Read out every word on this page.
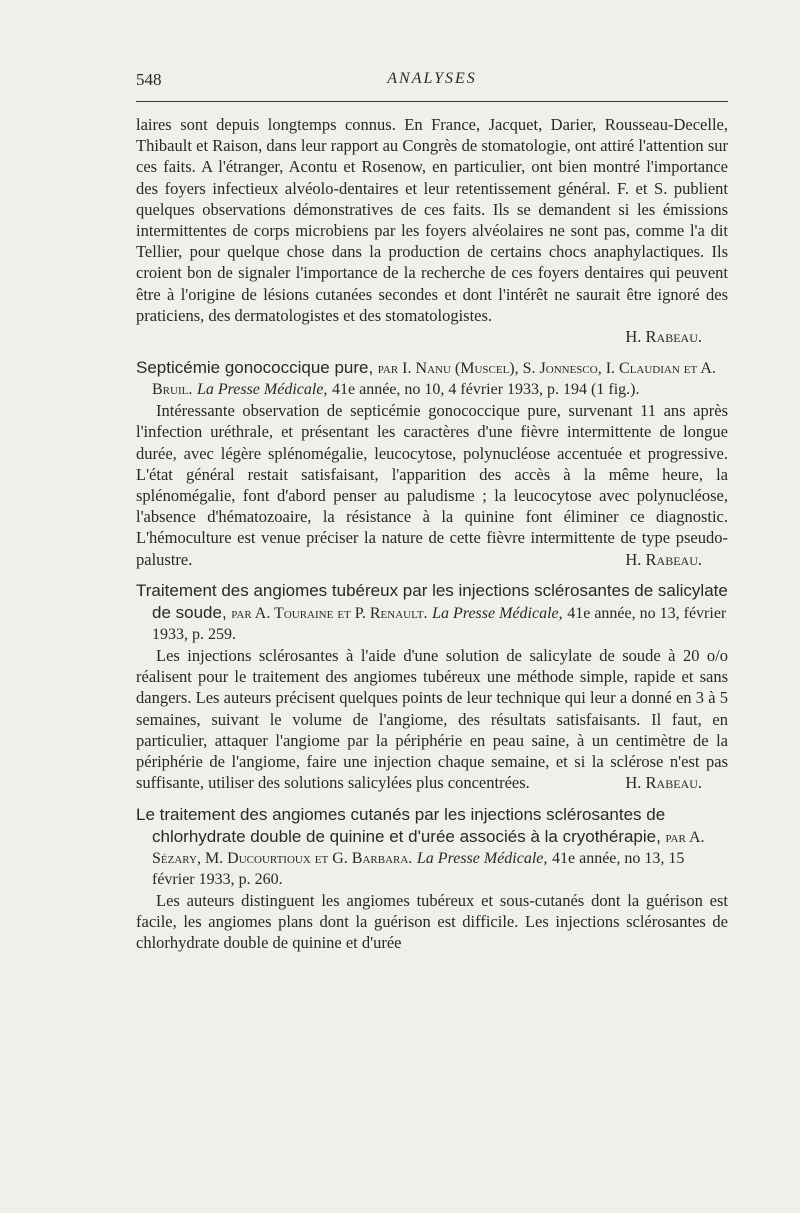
548	ANALYSES

laires sont depuis longtemps connus. En France, Jacquet, Darier, Rousseau-Decelle, Thibault et Raison, dans leur rapport au Congrès de stomatologie, ont attiré l'attention sur ces faits. A l'étranger, Acontu et Rosenow, en particulier, ont bien montré l'importance des foyers infectieux alvéolo-dentaires et leur retentissement général. F. et S. publient quelques observations démonstratives de ces faits. Ils se demandent si les émissions intermittentes de corps microbiens par les foyers alvéolaires ne sont pas, comme l'a dit Tellier, pour quelque chose dans la production de certains chocs anaphylactiques. Ils croient bon de signaler l'importance de la recherche de ces foyers dentaires qui peuvent être à l'origine de lésions cutanées secondes et dont l'intérêt ne saurait être ignoré des praticiens, des dermatologistes et des stomatologistes.

H. Rabeau.

Septicémie gonococcique pure, par I. Nanu (Muscel), S. Jonnesco, I. Claudian et A. Bruil. La Presse Médicale, 41e année, no 10, 4 février 1933, p. 194 (1 fig.).

Intéressante observation de septicémie gonococcique pure, survenant 11 ans après l'infection uréthrale, et présentant les caractères d'une fièvre intermittente de longue durée, avec légère splénomégalie, leucocytose, polynucléose accentuée et progressive. L'état général restait satisfaisant, l'apparition des accès à la même heure, la splénomégalie, font d'abord penser au paludisme ; la leucocytose avec polynucléose, l'absence d'hématozoaire, la résistance à la quinine font éliminer ce diagnostic. L'hémoculture est venue préciser la nature de cette fièvre intermittente de type pseudo-palustre.	H. Rabeau.

Traitement des angiomes tubéreux par les injections sclérosantes de salicylate de soude, par A. Touraine et P. Renault. La Presse Médicale, 41e année, no 13, février 1933, p. 259.

Les injections sclérosantes à l'aide d'une solution de salicylate de soude à 20 o/o réalisent pour le traitement des angiomes tubéreux une méthode simple, rapide et sans dangers. Les auteurs précisent quelques points de leur technique qui leur a donné en 3 à 5 semaines, suivant le volume de l'angiome, des résultats satisfaisants. Il faut, en particulier, attaquer l'angiome par la périphérie en peau saine, à un centimètre de la périphérie de l'angiome, faire une injection chaque semaine, et si la sclérose n'est pas suffisante, utiliser des solutions salicylées plus concentrées.	H. Rabeau.

Le traitement des angiomes cutanés par les injections sclérosantes de chlorhydrate double de quinine et d'urée associés à la cryothérapie, par A. Sézary, M. Ducourtioux et G. Barbara. La Presse Médicale, 41e année, no 13, 15 février 1933, p. 260.

Les auteurs distinguent les angiomes tubéreux et sous-cutanés dont la guérison est facile, les angiomes plans dont la guérison est difficile. Les injections sclérosantes de chlorhydrate double de quinine et d'urée
